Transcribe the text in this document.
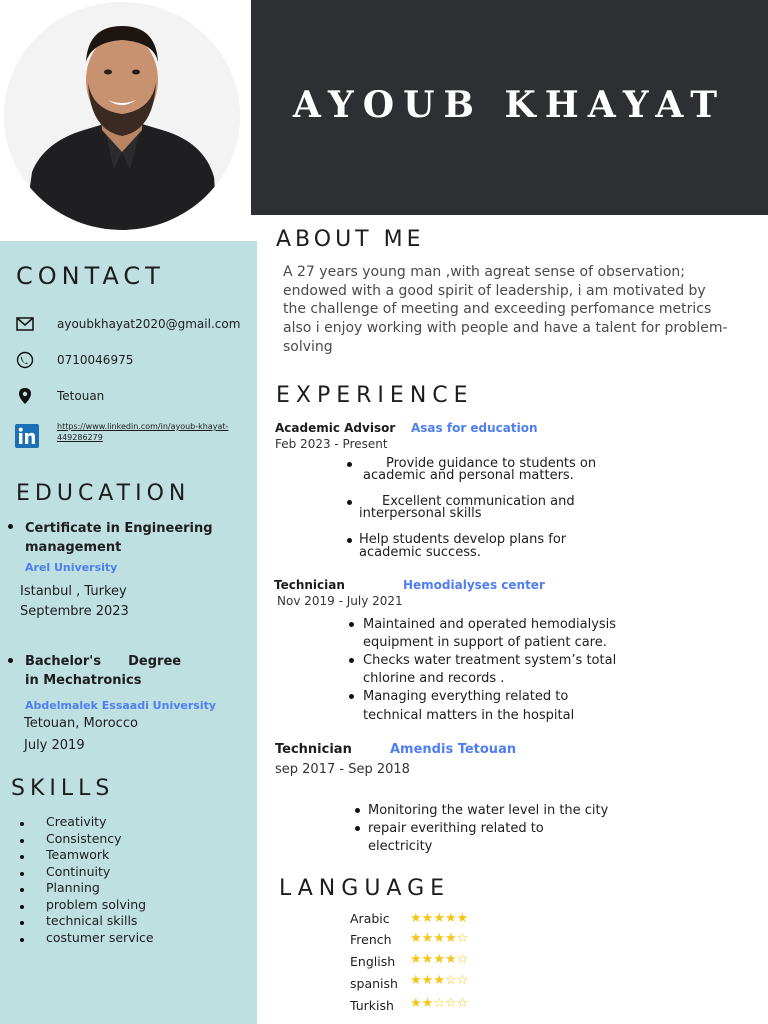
AYOUB KHAYAT
CONTACT
ayoubkhayat2020@gmail.com
0710046975
Tetouan
https://www.linkedin.com/in/ayoub-khayat-449286279
EDUCATION
Certificate in Engineering
management
Arel University
Istanbul , Turkey
Septembre 2023
Bachelor's      Degree
in Mechatronics
Abdelmalek Essaadi University
Tetouan, Morocco
July 2019
SKILLS
Creativity
Consistency
Teamwork
Continuity
Planning
problem solving
technical skills
costumer service
ABOUT ME
A 27 years young man ,with agreat sense of observation; endowed with a good spirit of leadership, i am motivated by the challenge of meeting and exceeding perfomance metrics also i enjoy working with people and have a talent for problem-solving
EXPERIENCE
Academic Advisor Asas for education
Feb 2023 - Present
Provide guidance to students on
academic and personal matters.
Excellent communication and
interpersonal skills
Help students develop plans for
academic success.
Technician	Hemodialyses center
Nov 2019 - July 2021
Maintained and operated hemodialysis
equipment in support of patient care.
Checks water treatment system’s total
chlorine and records .
Managing everything related to
technical matters in the hospital
Technician	Amendis Tetouan
sep 2017 - Sep 2018
Monitoring the water level in the city
repair everithing related to
electricity
LANGUAGE
Arabic ★★★★★
French ★★★★☆
English ★★★★☆
spanish ★★★☆☆
Turkish ★★☆☆☆
